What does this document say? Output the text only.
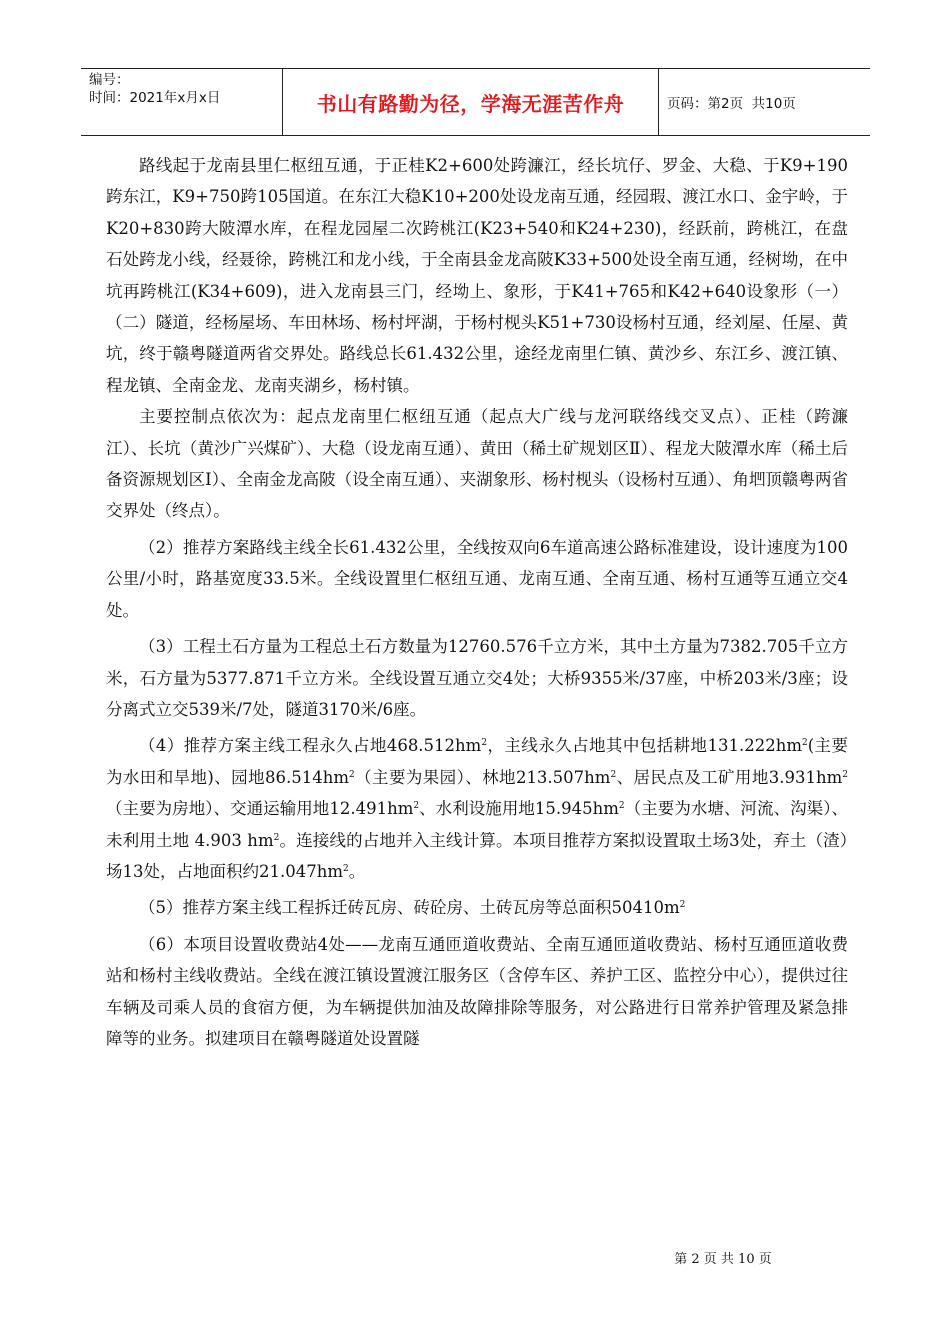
编号：
时间：2021年x月x日	书山有路勤为径，学海无涯苦作舟	页码：第2页  共10页

路线起于龙南县里仁枢纽互通，于正桂K2+600处跨濂江，经长坑仔、罗金、大稳、于K9+190跨东江，K9+750跨105国道。在东江大稳K10+200处设龙南互通，经园瑕、渡江水口、金宇岭，于K20+830跨大陂潭水库，在程龙园屋二次跨桃江(K23+540和K24+230)，经跃前，跨桃江，在盘石处跨龙小线，经聂徐，跨桃江和龙小线，于全南县金龙高陂K33+500处设全南互通，经树坳，在中坑再跨桃江(K34+609)，进入龙南县三门，经坳上、象形，于K41+765和K42+640设象形（一）（二）隧道，经杨屋场、车田林场、杨村坪湖，于杨村枧头K51+730设杨村互通，经刘屋、任屋、黄坑，终于赣粤隧道两省交界处。路线总长61.432公里，途经龙南里仁镇、黄沙乡、东江乡、渡江镇、程龙镇、全南金龙、龙南夹湖乡，杨村镇。

主要控制点依次为：起点龙南里仁枢纽互通（起点大广线与龙河联络线交叉点）、正桂（跨濂江）、长坑（黄沙广兴煤矿）、大稳（设龙南互通）、黄田（稀土矿规划区Ⅱ）、程龙大陂潭水库（稀土后备资源规划区Ⅰ）、全南金龙高陂（设全南互通）、夹湖象形、杨村枧头（设杨村互通）、角垇顶赣粤两省交界处（终点）。

（2）推荐方案路线主线全长61.432公里，全线按双向6车道高速公路标准建设，设计速度为100公里/小时，路基宽度33.5米。全线设置里仁枢纽互通、龙南互通、全南互通、杨村互通等互通立交4处。

（3）工程土石方量为工程总土石方数量为12760.576千立方米，其中土方量为7382.705千立方米，石方量为5377.871千立方米。全线设置互通立交4处；大桥9355米/37座，中桥203米/3座；设分离式立交539米/7处，隧道3170米/6座。

（4）推荐方案主线工程永久占地$468.512hm^2$，主线永久占地其中包括耕地$131.222hm^2$(主要为水田和旱地)、园地$86.514hm^2$（主要为果园）、林地$213.507hm^2$、居民点及工矿用地$3.931hm^2$（主要为房地）、交通运输用地$12.491hm^2$、水利设施用地$15.945hm^2$（主要为水塘、河流、沟渠）、未利用土地 4.903 $hm^2$。连接线的占地并入主线计算。本项目推荐方案拟设置取土场3处，弃土（渣）场13处，占地面积约$21.047hm^2$。

（5）推荐方案主线工程拆迁砖瓦房、砖砼房、土砖瓦房等总面积$50410m^2$

（6）本项目设置收费站4处——龙南互通匝道收费站、全南互通匝道收费站、杨村互通匝道收费站和杨村主线收费站。全线在渡江镇设置渡江服务区（含停车区、养护工区、监控分中心），提供过往车辆及司乘人员的食宿方便，为车辆提供加油及故障排除等服务，对公路进行日常养护管理及紧急排障等的业务。拟建项目在赣粤隧道处设置隧

第 2 页 共 10 页
